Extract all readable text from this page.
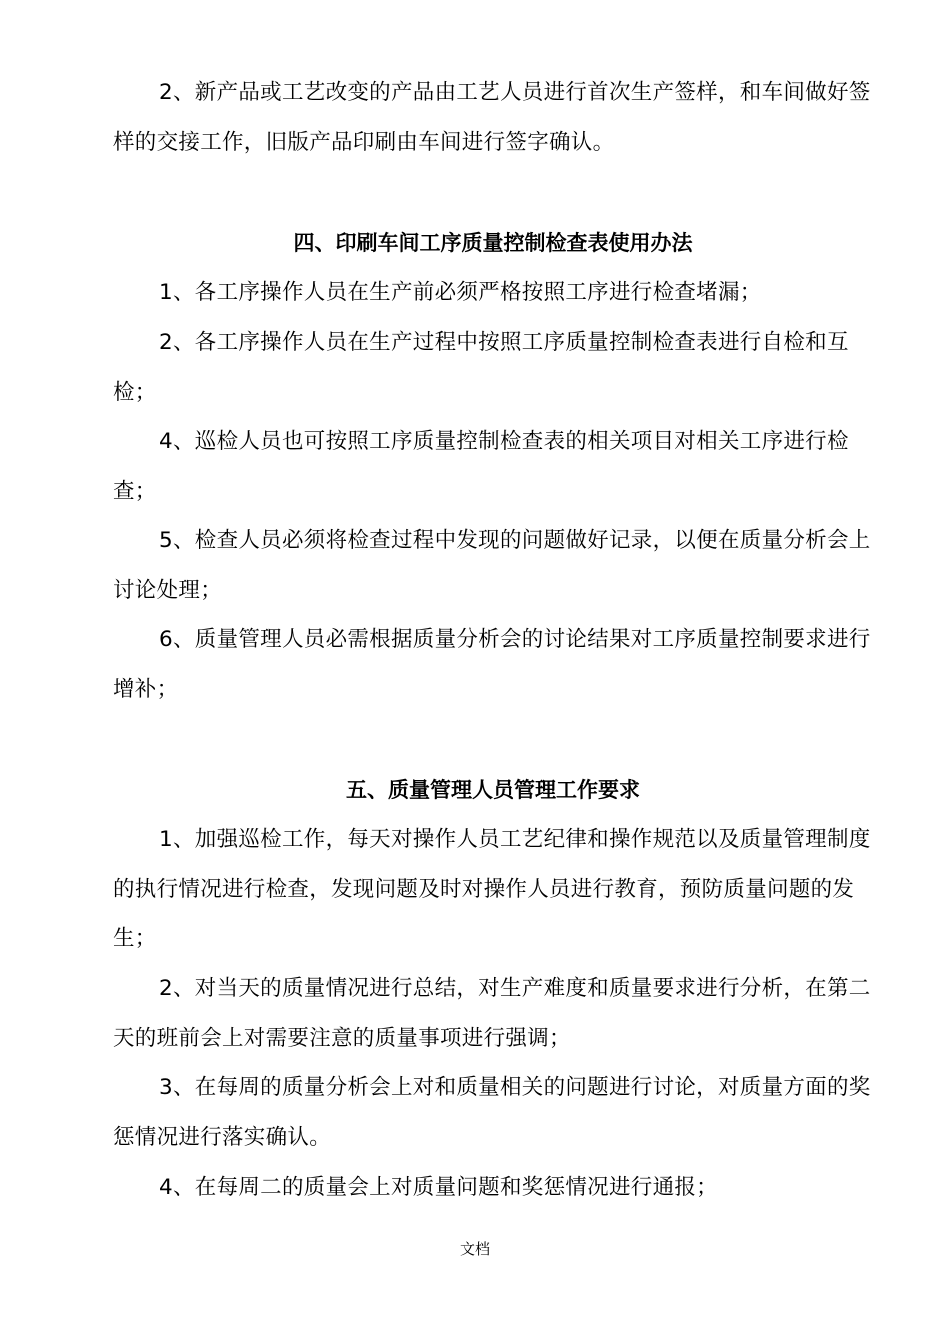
2、新产品或工艺改变的产品由工艺人员进行首次生产签样，和车间做好签样的交接工作，旧版产品印刷由车间进行签字确认。

四、印刷车间工序质量控制检查表使用办法

1、各工序操作人员在生产前必须严格按照工序进行检查堵漏；

2、各工序操作人员在生产过程中按照工序质量控制检查表进行自检和互检；

4、巡检人员也可按照工序质量控制检查表的相关项目对相关工序进行检查；

5、检查人员必须将检查过程中发现的问题做好记录，以便在质量分析会上讨论处理；

6、质量管理人员必需根据质量分析会的讨论结果对工序质量控制要求进行增补；

五、质量管理人员管理工作要求

1、加强巡检工作，每天对操作人员工艺纪律和操作规范以及质量管理制度的执行情况进行检查，发现问题及时对操作人员进行教育，预防质量问题的发生；

2、对当天的质量情况进行总结，对生产难度和质量要求进行分析，在第二天的班前会上对需要注意的质量事项进行强调；

3、在每周的质量分析会上对和质量相关的问题进行讨论，对质量方面的奖惩情况进行落实确认。

4、在每周二的质量会上对质量问题和奖惩情况进行通报；

文档
